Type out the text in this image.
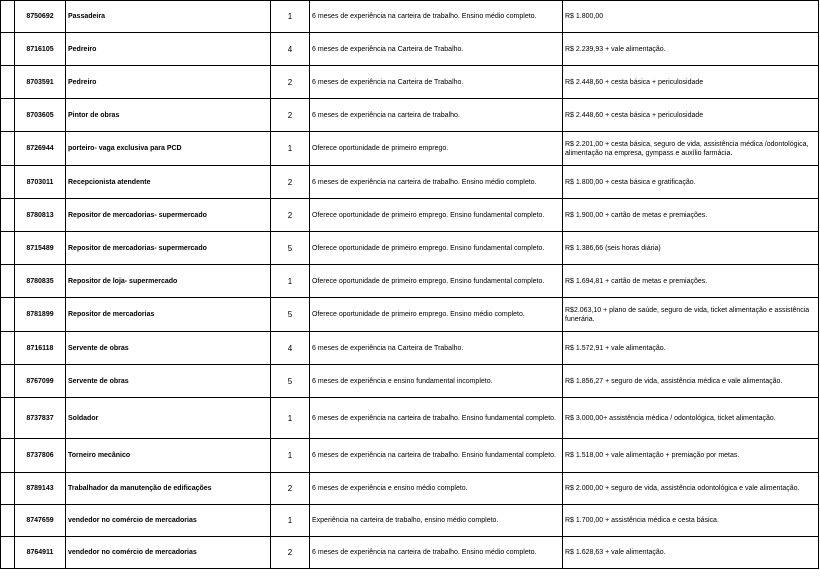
	8750692	Passadeira	1	6 meses de experiência na carteira de trabalho. Ensino médio completo.	R$ 1.800,00
	8716105	Pedreiro	4	6 meses de experiência na Carteira de Trabalho.	R$ 2.239,93 + vale alimentação.
	8703591	Pedreiro	2	6 meses de experiência na Carteira de Trabalho.	R$ 2.448,60 + cesta básica + periculosidade
	8703605	Pintor de obras	2	6 meses de experiência na carteira de trabalho.	R$ 2.448,60 + cesta básica + periculosidade
	8726944	porteiro- vaga exclusiva para PCD	1	Oferece oportunidade de primeiro emprego.	R$ 2.201,00 + cesta básica, seguro de vida, assistência médica /odontológica, alimentação na empresa, gympass e auxílio farmácia.
	8703011	Recepcionista atendente	2	6 meses de experiência na carteira de trabalho. Ensino médio completo.	R$ 1.800,00 + cesta básica e gratificação.
	8780813	Repositor de mercadorias- supermercado	2	Oferece oportunidade de primeiro emprego. Ensino fundamental completo.	R$ 1.900,00 + cartão de metas e premiações.
	8715489	Repositor de mercadorias- supermercado	5	Oferece oportunidade de primeiro emprego. Ensino fundamental completo.	R$ 1.386,66 (seis horas diária)
	8780835	Repositor de loja- supermercado	1	Oferece oportunidade de primeiro emprego. Ensino fundamental completo.	R$ 1.694,81 + cartão de metas e premiações.
	8781899	Repositor de mercadorias	5	Oferece oportunidade de primeiro emprego. Ensino médio completo.	R$2.063,10 + plano de saúde, seguro de vida, ticket alimentação e assistência funerária.
	8716118	Servente de obras	4	6 meses de experiência na Carteira de Trabalho.	R$ 1.572,91 + vale alimentação.
	8767099	Servente de obras	5	6 meses de experiência e ensino fundamental incompleto.	R$ 1.856,27 + seguro de vida, assistência médica e vale alimentação.
	8737837	Soldador	1	6 meses de experiência na carteira de trabalho. Ensino fundamental completo.	R$ 3.000,00+ assistência médica / odontológica, ticket alimentação.
	8737806	Torneiro mecânico	1	6 meses de experiência na carteira de trabalho. Ensino fundamental completo.	R$ 1.518,00 + vale alimentação + premiação por metas.
	8789143	Trabalhador da manutenção de edificações	2	6 meses de experiência e ensino médio completo.	R$ 2.000,00 + seguro de vida, assistência odontológica e vale alimentação.
	8747659	vendedor no comércio de mercadorias	1	Experiência na carteira de trabalho, ensino médio completo.	R$ 1.700,00 + assistência médica e cesta básica.
	8764911	vendedor no comércio de mercadorias	2	6 meses de experiência na carteira de trabalho. Ensino médio completo.	R$ 1.628,63 + vale alimentação.
